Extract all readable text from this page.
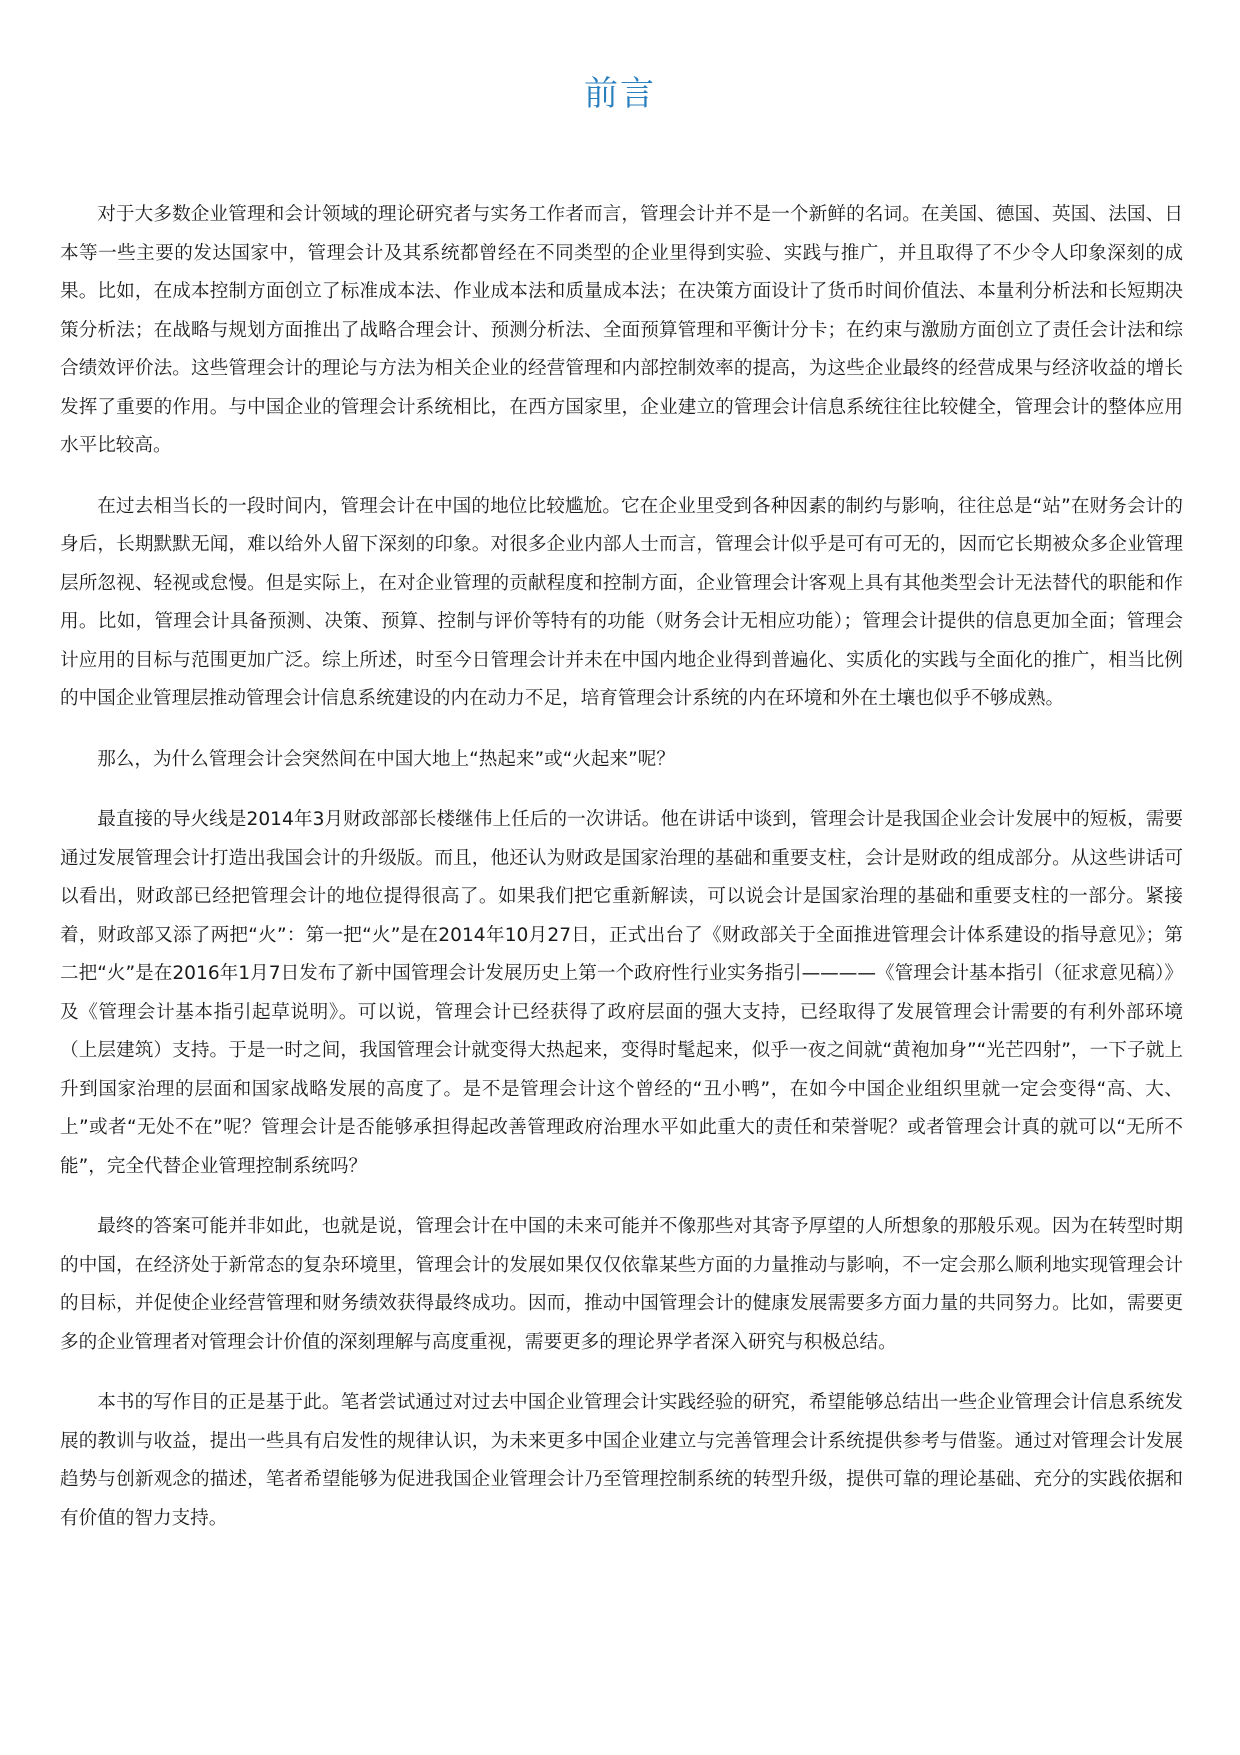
前言

对于大多数企业管理和会计领域的理论研究者与实务工作者而言，管理会计并不是一个新鲜的名词。在美国、德国、英国、法国、日本等一些主要的发达国家中，管理会计及其系统都曾经在不同类型的企业里得到实验、实践与推广，并且取得了不少令人印象深刻的成果。比如，在成本控制方面创立了标准成本法、作业成本法和质量成本法；在决策方面设计了货币时间价值法、本量利分析法和长短期决策分析法；在战略与规划方面推出了战略合理会计、预测分析法、全面预算管理和平衡计分卡；在约束与激励方面创立了责任会计法和综合绩效评价法。这些管理会计的理论与方法为相关企业的经营管理和内部控制效率的提高，为这些企业最终的经营成果与经济收益的增长发挥了重要的作用。与中国企业的管理会计系统相比，在西方国家里，企业建立的管理会计信息系统往往比较健全，管理会计的整体应用水平比较高。

在过去相当长的一段时间内，管理会计在中国的地位比较尴尬。它在企业里受到各种因素的制约与影响，往往总是“站”在财务会计的身后，长期默默无闻，难以给外人留下深刻的印象。对很多企业内部人士而言，管理会计似乎是可有可无的，因而它长期被众多企业管理层所忽视、轻视或怠慢。但是实际上，在对企业管理的贡献程度和控制方面，企业管理会计客观上具有其他类型会计无法替代的职能和作用。比如，管理会计具备预测、决策、预算、控制与评价等特有的功能（财务会计无相应功能）；管理会计提供的信息更加全面；管理会计应用的目标与范围更加广泛。综上所述，时至今日管理会计并未在中国内地企业得到普遍化、实质化的实践与全面化的推广，相当比例的中国企业管理层推动管理会计信息系统建设的内在动力不足，培育管理会计系统的内在环境和外在土壤也似乎不够成熟。

那么，为什么管理会计会突然间在中国大地上“热起来”或“火起来”呢？

最直接的导火线是2014年3月财政部部长楼继伟上任后的一次讲话。他在讲话中谈到，管理会计是我国企业会计发展中的短板，需要通过发展管理会计打造出我国会计的升级版。而且，他还认为财政是国家治理的基础和重要支柱，会计是财政的组成部分。从这些讲话可以看出，财政部已经把管理会计的地位提得很高了。如果我们把它重新解读，可以说会计是国家治理的基础和重要支柱的一部分。紧接着，财政部又添了两把“火”：第一把“火”是在2014年10月27日，正式出台了《财政部关于全面推进管理会计体系建设的指导意见》；第二把“火”是在2016年1月7日发布了新中国管理会计发展历史上第一个政府性行业实务指引————《管理会计基本指引（征求意见稿）》及《管理会计基本指引起草说明》。可以说，管理会计已经获得了政府层面的强大支持，已经取得了发展管理会计需要的有利外部环境（上层建筑）支持。于是一时之间，我国管理会计就变得大热起来，变得时髦起来，似乎一夜之间就“黄袍加身”“光芒四射”，一下子就上升到国家治理的层面和国家战略发展的高度了。是不是管理会计这个曾经的“丑小鸭”，在如今中国企业组织里就一定会变得“高、大、上”或者“无处不在”呢？管理会计是否能够承担得起改善管理政府治理水平如此重大的责任和荣誉呢？或者管理会计真的就可以“无所不能”，完全代替企业管理控制系统吗？

最终的答案可能并非如此，也就是说，管理会计在中国的未来可能并不像那些对其寄予厚望的人所想象的那般乐观。因为在转型时期的中国，在经济处于新常态的复杂环境里，管理会计的发展如果仅仅依靠某些方面的力量推动与影响，不一定会那么顺利地实现管理会计的目标，并促使企业经营管理和财务绩效获得最终成功。因而，推动中国管理会计的健康发展需要多方面力量的共同努力。比如，需要更多的企业管理者对管理会计价值的深刻理解与高度重视，需要更多的理论界学者深入研究与积极总结。

本书的写作目的正是基于此。笔者尝试通过对过去中国企业管理会计实践经验的研究，希望能够总结出一些企业管理会计信息系统发展的教训与收益，提出一些具有启发性的规律认识，为未来更多中国企业建立与完善管理会计系统提供参考与借鉴。通过对管理会计发展趋势与创新观念的描述，笔者希望能够为促进我国企业管理会计乃至管理控制系统的转型升级，提供可靠的理论基础、充分的实践依据和有价值的智力支持。
